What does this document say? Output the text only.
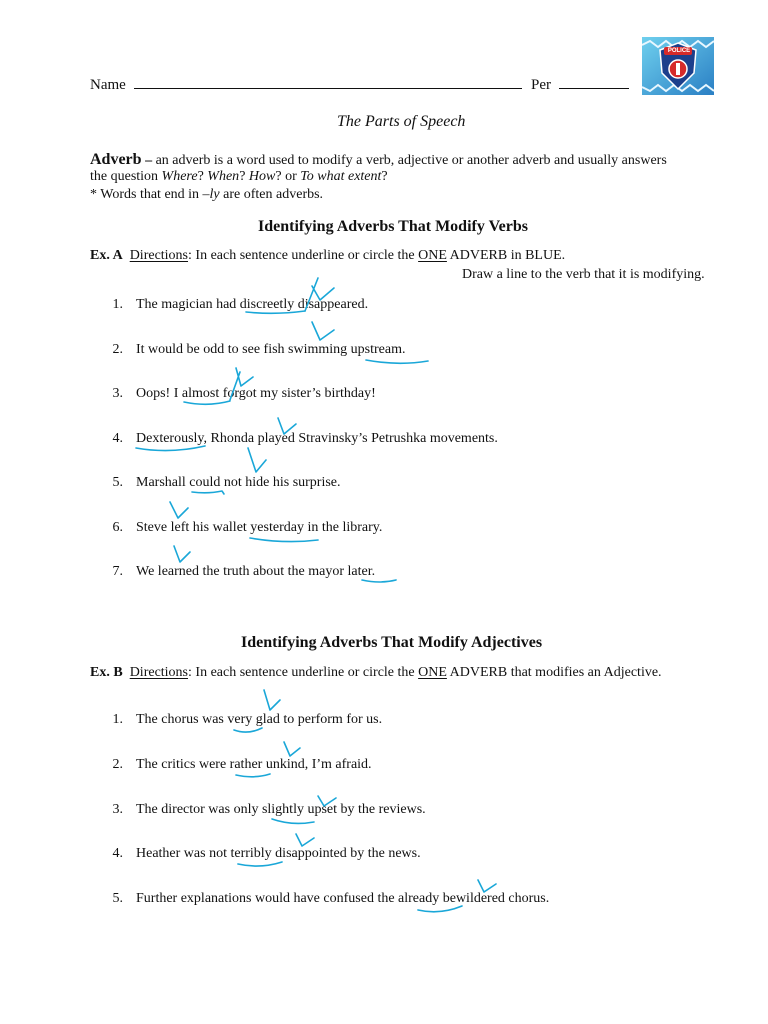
Name	Per
POLICE
The Parts of Speech
Adverb – an adverb is a word used to modify a verb, adjective or another adverb and usually answers
the question Where? When? How? or To what extent?
* Words that end in –ly are often adverbs.
Identifying Adverbs That Modify Verbs
Ex. A Directions: In each sentence underline or circle the ONE ADVERB in BLUE.
Draw a line to the verb that it is modifying.
1. The magician had discreetly disappeared.
2. It would be odd to see fish swimming upstream.
3. Oops! I almost forgot my sister’s birthday!
4. Dexterously, Rhonda played Stravinsky’s Petrushka movements.
5. Marshall could not hide his surprise.
6. Steve left his wallet yesterday in the library.
7. We learned the truth about the mayor later.
Identifying Adverbs That Modify Adjectives
Ex. B Directions: In each sentence underline or circle the ONE ADVERB that modifies an Adjective.
1. The chorus was very glad to perform for us.
2. The critics were rather unkind, I’m afraid.
3. The director was only slightly upset by the reviews.
4. Heather was not terribly disappointed by the news.
5. Further explanations would have confused the already bewildered chorus.
